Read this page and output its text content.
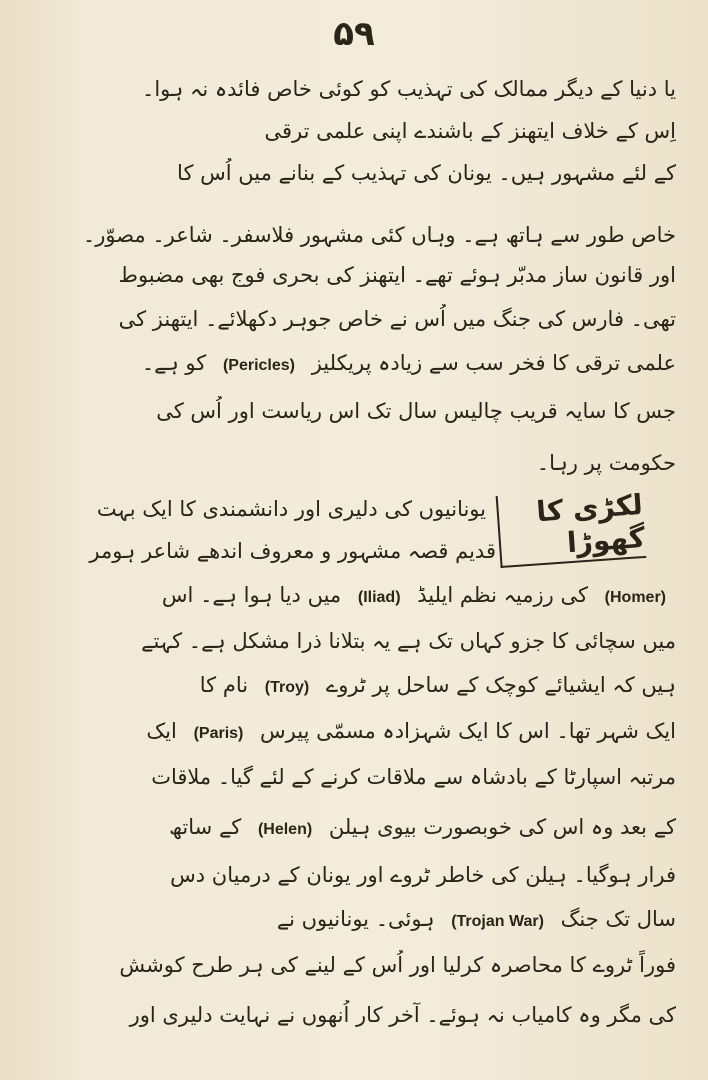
۵۹
یا دنیا کے دیگر ممالک کی تہذیب کو کوئی خاص فائدہ نہ ہوا۔
اِس کے خلاف ایتھنز کے باشندے اپنی علمی ترقی
کے لئے مشہور ہیں۔ یونان کی تہذیب کے بنانے میں اُس کا
خاص طور سے ہاتھ ہے۔ وہاں کئی مشہور فلاسفر۔ شاعر۔ مصوّر۔
اور قانون ساز مدبّر ہوئے تھے۔ ایتھنز کی بحری فوج بھی مضبوط
تھی۔ فارس کی جنگ میں اُس نے خاص جوہر دکھلائے۔ ایتھنز کی
علمی ترقی کا فخر سب سے زیادہ پریکلیز (Pericles) کو ہے۔
جس کا سایہ قریب چالیس سال تک اس ریاست اور اُس کی
حکومت پر رہا۔
لکڑی کا گھوڑا
یونانیوں کی دلیری اور دانشمندی کا ایک بہت
قدیم قصہ مشہور و معروف اندھے شاعر ہومر
(Homer) کی رزمیہ نظم ایلیڈ (Iliad) میں دیا ہوا ہے۔ اس
میں سچائی کا جزو کہاں تک ہے یہ بتلانا ذرا مشکل ہے۔ کہتے
ہیں کہ ایشیائے کوچک کے ساحل پر ٹروے (Troy) نام کا
ایک شہر تھا۔ اس کا ایک شہزادہ مسمّی پیرس (Paris) ایک
مرتبہ اسپارٹا کے بادشاہ سے ملاقات کرنے کے لئے گیا۔ ملاقات
کے بعد وہ اس کی خوبصورت بیوی ہیلن (Helen) کے ساتھ
فرار ہوگیا۔ ہیلن کی خاطر ٹروے اور یونان کے درمیان دس
سال تک جنگ (Trojan War) ہوئی۔ یونانیوں نے
فوراً ٹروے کا محاصرہ کرلیا اور اُس کے لینے کی ہر طرح کوشش
کی مگر وہ کامیاب نہ ہوئے۔ آخر کار اُنھوں نے نہایت دلیری اور
